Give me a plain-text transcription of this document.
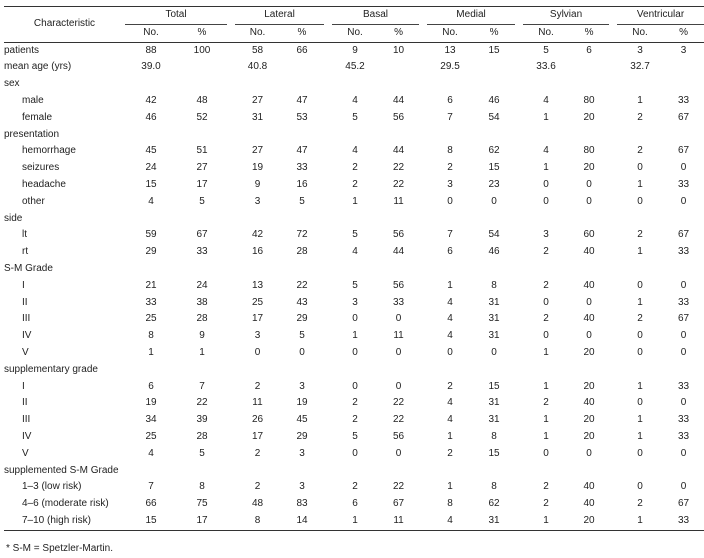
Characteristic	Total			Lateral			Basal			Medial			Sylvian			Ventricular	
	No.	%		No.	%		No.	%		No.	%		No.	%		No.	%
patients	88	100		58	66		9	10		13	15		5	6		3	3
mean age (yrs)	39.0			40.8			45.2			29.5			33.6			32.7	
sex																	
male	42	48		27	47		4	44		6	46		4	80		1	33
female	46	52		31	53		5	56		7	54		1	20		2	67
presentation																	
hemorrhage	45	51		27	47		4	44		8	62		4	80		2	67
seizures	24	27		19	33		2	22		2	15		1	20		0	0
headache	15	17		9	16		2	22		3	23		0	0		1	33
other	4	5		3	5		1	11		0	0		0	0		0	0
side																	
lt	59	67		42	72		5	56		7	54		3	60		2	67
rt	29	33		16	28		4	44		6	46		2	40		1	33
S-M Grade																	
I	21	24		13	22		5	56		1	8		2	40		0	0
II	33	38		25	43		3	33		4	31		0	0		1	33
III	25	28		17	29		0	0		4	31		2	40		2	67
IV	8	9		3	5		1	11		4	31		0	0		0	0
V	1	1		0	0		0	0		0	0		1	20		0	0
supplementary grade																	
I	6	7		2	3		0	0		2	15		1	20		1	33
II	19	22		11	19		2	22		4	31		2	40		0	0
III	34	39		26	45		2	22		4	31		1	20		1	33
IV	25	28		17	29		5	56		1	8		1	20		1	33
V	4	5		2	3		0	0		2	15		0	0		0	0
supplemented S-M Grade																	
1–3 (low risk)	7	8		2	3		2	22		1	8		2	40		0	0
4–6 (moderate risk)	66	75		48	83		6	67		8	62		2	40		2	67
7–10 (high risk)	15	17		8	14		1	11		4	31		1	20		1	33
* S-M = Spetzler-Martin.
